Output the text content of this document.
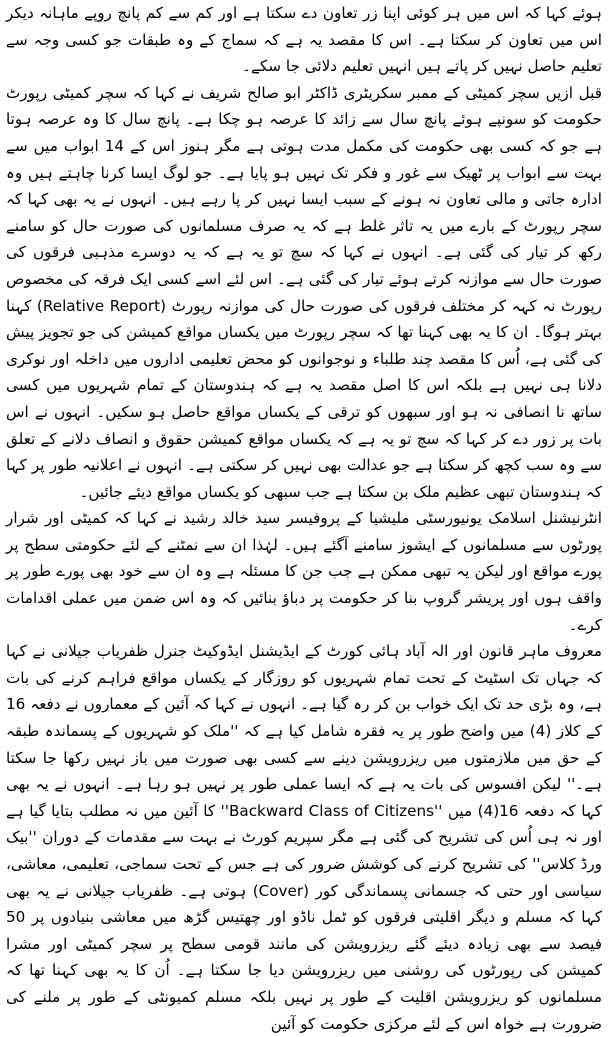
ہوئے کہا کہ اس میں ہر کوئی اپنا زر تعاون دے سکتا ہے اور کم سے کم پانچ روپے ماہانہ دیکر اس میں تعاون کر سکتا ہے۔ اس کا مقصد یہ ہے کہ سماج کے وہ طبقات جو کسی وجہ سے تعلیم حاصل نہیں کر پاتے ہیں انہیں تعلیم دلائی جا سکے۔

قبل ازیں سچر کمیٹی کے ممبر سکریٹری ڈاکٹر ابو صالح شریف نے کہا کہ سچر کمیٹی رپورٹ حکومت کو سونپے ہوئے پانچ سال سے زائد کا عرصہ ہو چکا ہے۔ پانچ سال کا وہ عرصہ ہوتا ہے جو کہ کسی بھی حکومت کی مکمل مدت ہوتی ہے مگر ہنوز اس کے 14 ابواب میں سے بہت سے ابواب پر ٹھیک سے غور و فکر تک نہیں ہو پایا ہے۔ جو لوگ ایسا کرنا چاہتے ہیں وہ ادارہ جاتی و مالی تعاون نہ ہونے کے سبب ایسا نہیں کر پا رہے ہیں۔ انہوں نے یہ بھی کہا کہ سچر رپورٹ کے بارے میں یہ تاثر غلط ہے کہ یہ صرف مسلمانوں کی صورت حال کو سامنے رکھ کر تیار کی گئی ہے۔ انہوں نے کہا کہ سچ تو یہ ہے کہ یہ دوسرے مذہبی فرقوں کی صورت حال سے موازنہ کرتے ہوئے تیار کی گئی ہے۔ اس لئے اسے کسی ایک فرقہ کی مخصوص رپورٹ نہ کہہ کر مختلف فرقوں کی صورت حال کی موازنہ رپورٹ (Relative Report) کہنا بہتر ہوگا۔ ان کا یہ بھی کہنا تھا کہ سچر رپورٹ میں یکساں مواقع کمیشن کی جو تجویز پیش کی گئی ہے، اُس کا مقصد چند طلباء و نوجوانوں کو محض تعلیمی اداروں میں داخلہ اور نوکری دلانا ہی نہیں ہے بلکہ اس کا اصل مقصد یہ ہے کہ ہندوستان کے تمام شہریوں میں کسی ساتھ نا انصافی نہ ہو اور سبھوں کو ترقی کے یکساں مواقع حاصل ہو سکیں۔ انہوں نے اس بات پر زور دے کر کہا کہ سچ تو یہ ہے کہ یکساں مواقع کمیشن حقوق و انصاف دلانے کے تعلق سے وہ سب کچھ کر سکتا ہے جو عدالت بھی نہیں کر سکتی ہے۔ انہوں نے اعلانیہ طور پر کہا کہ ہندوستان تبھی عظیم ملک بن سکتا ہے جب سبھی کو یکساں مواقع دیئے جائیں۔

انٹرنیشنل اسلامک یونیورسٹی ملیشیا کے پروفیسر سید خالد رشید نے کہا کہ کمیٹی اور شرار پورٹوں سے مسلمانوں کے ایشوز سامنے آگئے ہیں۔ لہٰذا ان سے نمٹنے کے لئے حکومتی سطح پر پورے مواقع اور لیکن یہ تبھی ممکن ہے جب جن کا مسئلہ ہے وہ ان سے خود بھی پورے طور پر واقف ہوں اور پریشر گروپ بنا کر حکومت پر دباؤ بنائیں کہ وہ اس ضمن میں عملی اقدامات کرے۔

معروف ماہر قانون اور الہ آباد ہائی کورٹ کے ایڈیشنل ایڈوکیٹ جنرل ظفریاب جیلانی نے کہا کہ جہاں تک اسٹیٹ کے تحت تمام شہریوں کو روزگار کے یکساں مواقع فراہم کرنے کی بات ہے، وہ بڑی حد تک ایک خواب بن کر رہ گیا ہے۔ انہوں نے کہا کہ آئین کے معماروں نے دفعہ 16 کے کلاز (4) میں واضح طور پر یہ فقرہ شامل کیا ہے کہ ''ملک کو شہریوں کے پسماندہ طبقہ کے حق میں ملازمتوں میں ریزرویشن دینے سے کسی بھی صورت میں باز نہیں رکھا جا سکتا ہے۔'' لیکن افسوس کی بات یہ ہے کہ ایسا عملی طور پر نہیں ہو رہا ہے۔ انہوں نے یہ بھی کہا کہ دفعہ 16(4) میں ''Backward Class of Citizens'' کا آئین میں نہ مطلب بتایا گیا ہے اور نہ ہی اُس کی تشریح کی گئی ہے مگر سپریم کورٹ نے بہت سے مقدمات کے دوران ''بیک ورڈ کلاس'' کی تشریح کرنے کی کوشش ضرور کی ہے جس کے تحت سماجی، تعلیمی، معاشی، سیاسی اور حتی کہ جسمانی پسماندگی کور (Cover) ہوتی ہے۔ ظفریاب جیلانی نے یہ بھی کہا کہ مسلم و دیگر اقلیتی فرقوں کو ٹمل ناڈو اور چھتیس گڑھ میں معاشی بنیادوں پر 50 فیصد سے بھی زیادہ دیئے گئے ریزرویشن کی مانند قومی سطح پر سچر کمیٹی اور مشرا کمیشن کی رپورٹوں کی روشنی میں ریزرویشن دیا جا سکتا ہے۔ اُن کا یہ بھی کہنا تھا کہ مسلمانوں کو ریزرویشن اقلیت کے طور پر نہیں بلکہ مسلم کمیونٹی کے طور پر ملنے کی ضرورت ہے خواہ اس کے لئے مرکزی حکومت کو آئین
